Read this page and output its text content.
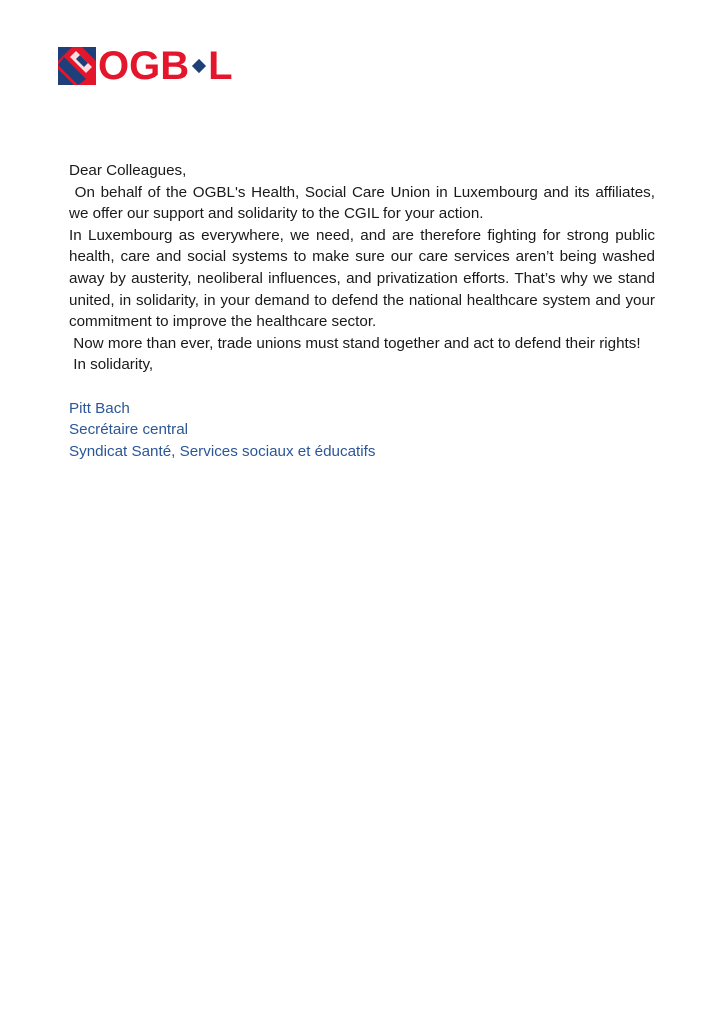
OGB L

Dear Colleagues,

On behalf of the OGBL's Health, Social Care Union in Luxembourg and its affiliates, we offer our support and solidarity to the CGIL for your action.

In Luxembourg as everywhere, we need, and are therefore fighting for strong public health, care and social systems to make sure our care services aren’t being washed away by austerity, neoliberal influences, and privatization efforts. That’s why we stand united, in solidarity, in your demand to defend the national healthcare system and your commitment to improve the healthcare sector.

Now more than ever, trade unions must stand together and act to defend their rights!

In solidarity,

Pitt Bach

Secrétaire central

Syndicat Santé, Services sociaux et éducatifs
